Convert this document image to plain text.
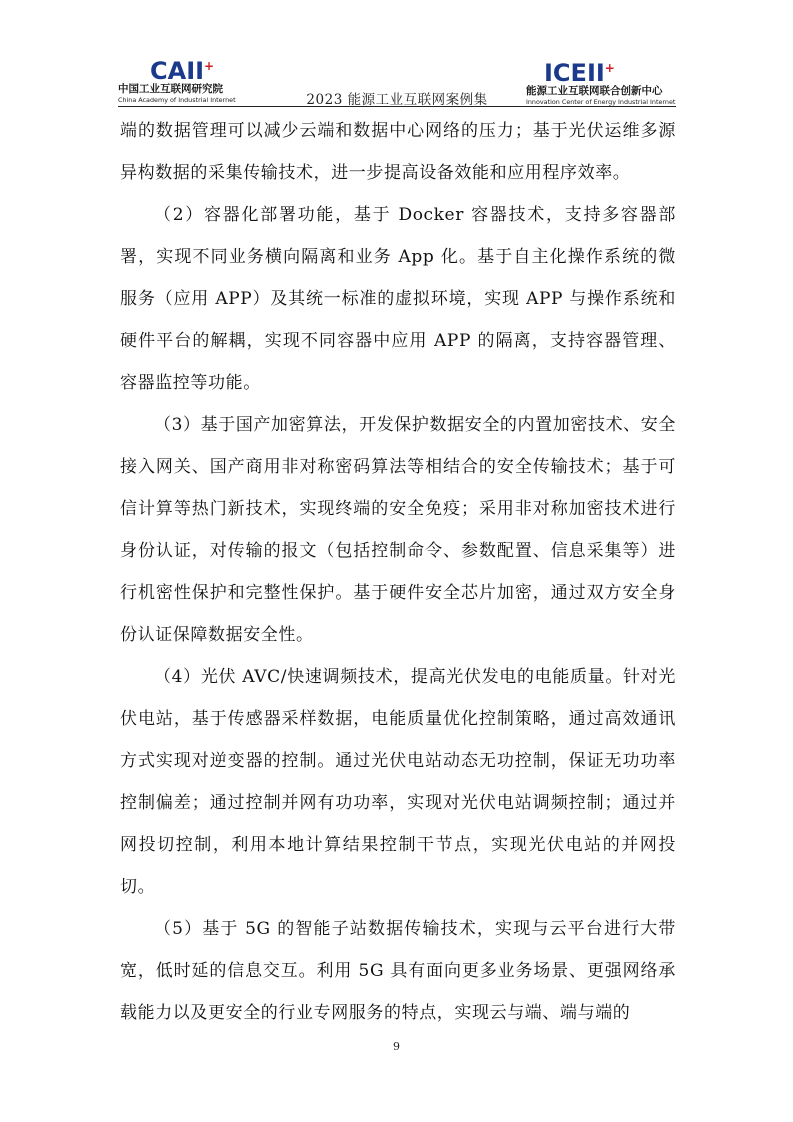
CAII+
中国工业互联网研究院
China Academy of Industrial Internet	2023 能源工业互联网案例集
ICEII+
能源工业互联网联合创新中心
Innovation Center of Energy Industrial Internet

端的数据管理可以减少云端和数据中心网络的压力；基于光伏运维多源异构数据的采集传输技术，进一步提高设备效能和应用程序效率。

（2）容器化部署功能，基于 Docker 容器技术，支持多容器部署，实现不同业务横向隔离和业务 App 化。基于自主化操作系统的微服务（应用 APP）及其统一标准的虚拟环境，实现 APP 与操作系统和硬件平台的解耦，实现不同容器中应用 APP 的隔离，支持容器管理、容器监控等功能。

（3）基于国产加密算法，开发保护数据安全的内置加密技术、安全接入网关、国产商用非对称密码算法等相结合的安全传输技术；基于可信计算等热门新技术，实现终端的安全免疫；采用非对称加密技术进行身份认证，对传输的报文（包括控制命令、参数配置、信息采集等）进行机密性保护和完整性保护。基于硬件安全芯片加密，通过双方安全身份认证保障数据安全性。

（4）光伏 AVC/快速调频技术，提高光伏发电的电能质量。针对光伏电站，基于传感器采样数据，电能质量优化控制策略，通过高效通讯方式实现对逆变器的控制。通过光伏电站动态无功控制，保证无功功率控制偏差；通过控制并网有功功率，实现对光伏电站调频控制；通过并网投切控制，利用本地计算结果控制干节点，实现光伏电站的并网投切。

（5）基于 5G 的智能子站数据传输技术，实现与云平台进行大带宽，低时延的信息交互。利用 5G 具有面向更多业务场景、更强网络承载能力以及更安全的行业专网服务的特点，实现云与端、端与端的

9
